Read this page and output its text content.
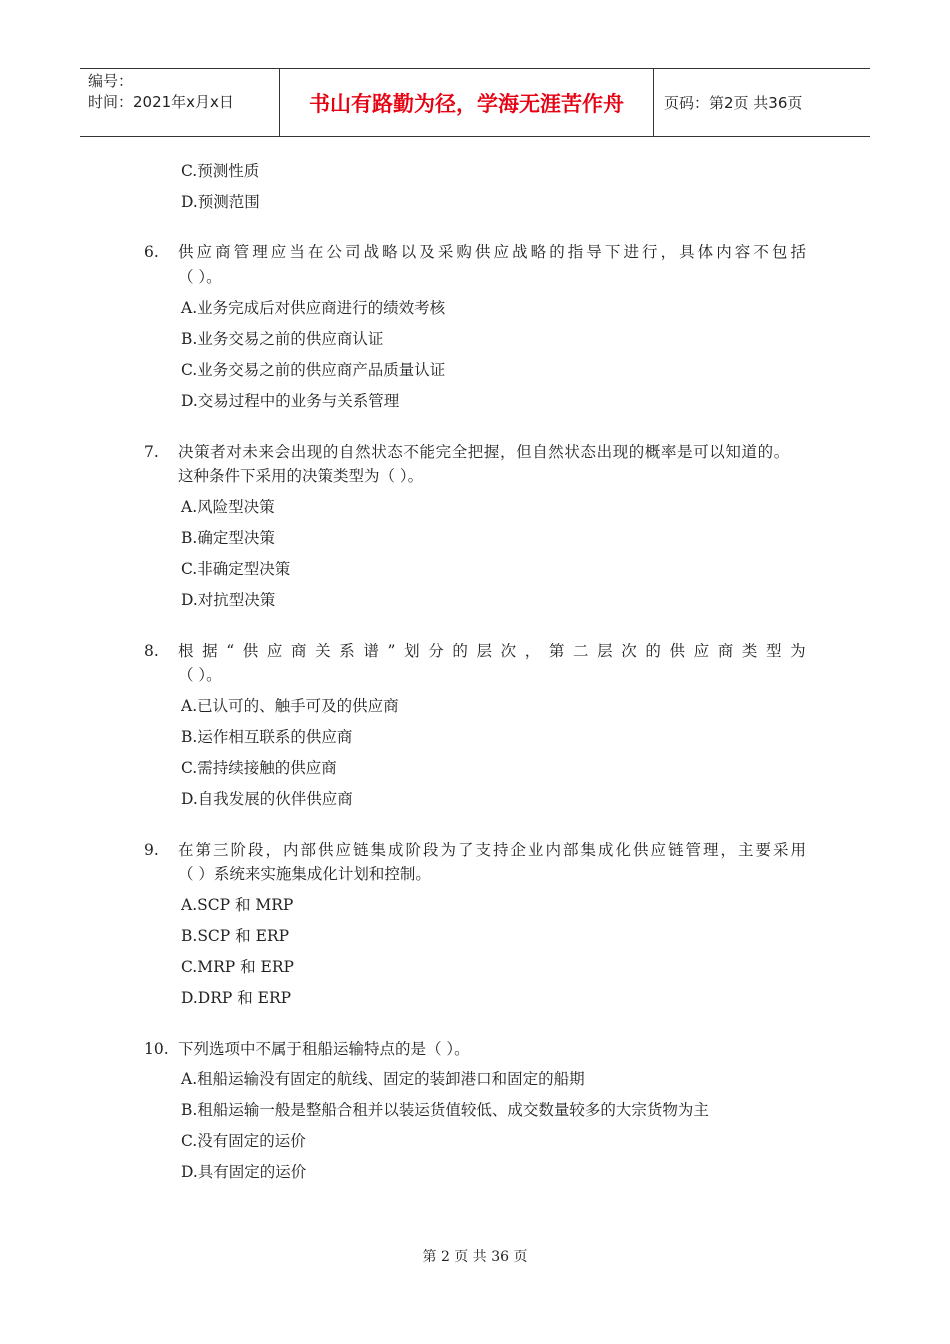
编号：
时间：2021年x月x日	书山有路勤为径，学海无涯苦作舟	页码：第2页 共36页
C.预测性质
D.预测范围
6. 供应商管理应当在公司战略以及采购供应战略的指导下进行，具体内容不包括
（ ）。
A.业务完成后对供应商进行的绩效考核
B.业务交易之前的供应商认证
C.业务交易之前的供应商产品质量认证
D.交易过程中的业务与关系管理
7. 决策者对未来会出现的自然状态不能完全把握，但自然状态出现的概率是可以知道的。
这种条件下采用的决策类型为（ ）。
A.风险型决策
B.确定型决策
C.非确定型决策
D.对抗型决策
8. 根 据 “ 供 应 商 关 系 谱 ” 划 分 的 层 次 ， 第 二 层 次 的 供 应 商 类 型 为
（ ）。
A.已认可的、触手可及的供应商
B.运作相互联系的供应商
C.需持续接触的供应商
D.自我发展的伙伴供应商
9. 在第三阶段，内部供应链集成阶段为了支持企业内部集成化供应链管理，主要采用
（ ）系统来实施集成化计划和控制。
A.SCP 和 MRP
B.SCP 和 ERP
C.MRP 和 ERP
D.DRP 和 ERP
10. 下列选项中不属于租船运输特点的是（ ）。
A.租船运输没有固定的航线、固定的装卸港口和固定的船期
B.租船运输一般是整船合租并以装运货值较低、成交数量较多的大宗货物为主
C.没有固定的运价
D.具有固定的运价
第 2 页 共 36 页
